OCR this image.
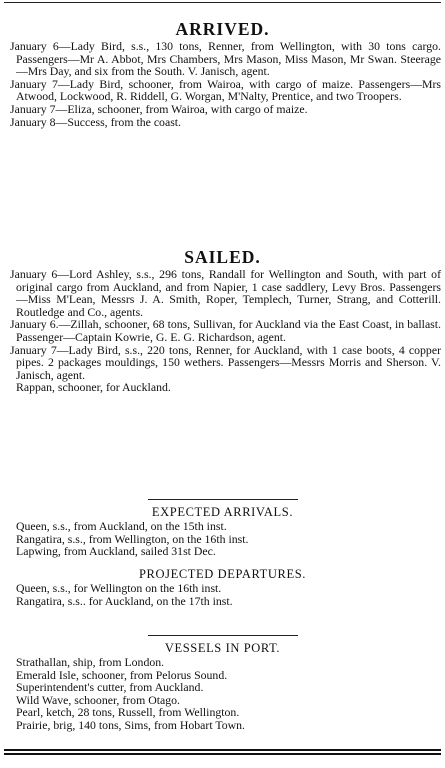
ARRIVED.

January 6—Lady Bird, s.s., 130 tons, Renner, from Wellington, with 30 tons cargo. Passengers—Mr A. Abbot, Mrs Chambers, Mrs Mason, Miss Mason, Mr Swan. Steerage—Mrs Day, and six from the South. V. Janisch, agent.

January 7—Lady Bird, schooner, from Wairoa, with cargo of maize. Passengers—Mrs Atwood, Lockwood, R. Riddell, G. Worgan, M'Nalty, Prentice, and two Troopers.

January 7—Eliza, schooner, from Wairoa, with cargo of maize.

January 8—Success, from the coast.

SAILED.

January 6—Lord Ashley, s.s., 296 tons, Randall for Wellington and South, with part of original cargo from Auckland, and from Napier, 1 case saddlery, Levy Bros. Passengers—Miss M'Lean, Messrs J. A. Smith, Roper, Templech, Turner, Strang, and Cotterill. Routledge and Co., agents.

January 6.—Zillah, schooner, 68 tons, Sullivan, for Auckland via the East Coast, in ballast. Passenger—Captain Kowrie, G. E. G. Richardson, agent.

January 7—Lady Bird, s.s., 220 tons, Renner, for Auckland, with 1 case boots, 4 copper pipes. 2 packages mouldings, 150 wethers. Passengers—Messrs Morris and Sherson. V. Janisch, agent.

Rappan, schooner, for Auckland.

EXPECTED ARRIVALS.

Queen, s.s., from Auckland, on the 15th inst.

Rangatira, s.s., from Wellington, on the 16th inst.

Lapwing, from Auckland, sailed 31st Dec.

PROJECTED DEPARTURES.

Queen, s.s., for Wellington on the 16th inst.

Rangatira, s.s.. for Auckland, on the 17th inst.

VESSELS IN PORT.

Strathallan, ship, from London.

Emerald Isle, schooner, from Pelorus Sound.

Superintendent's cutter, from Auckland.

Wild Wave, schooner, from Otago.

Pearl, ketch, 28 tons, Russell, from Wellington.

Prairie, brig, 140 tons, Sims, from Hobart Town.
